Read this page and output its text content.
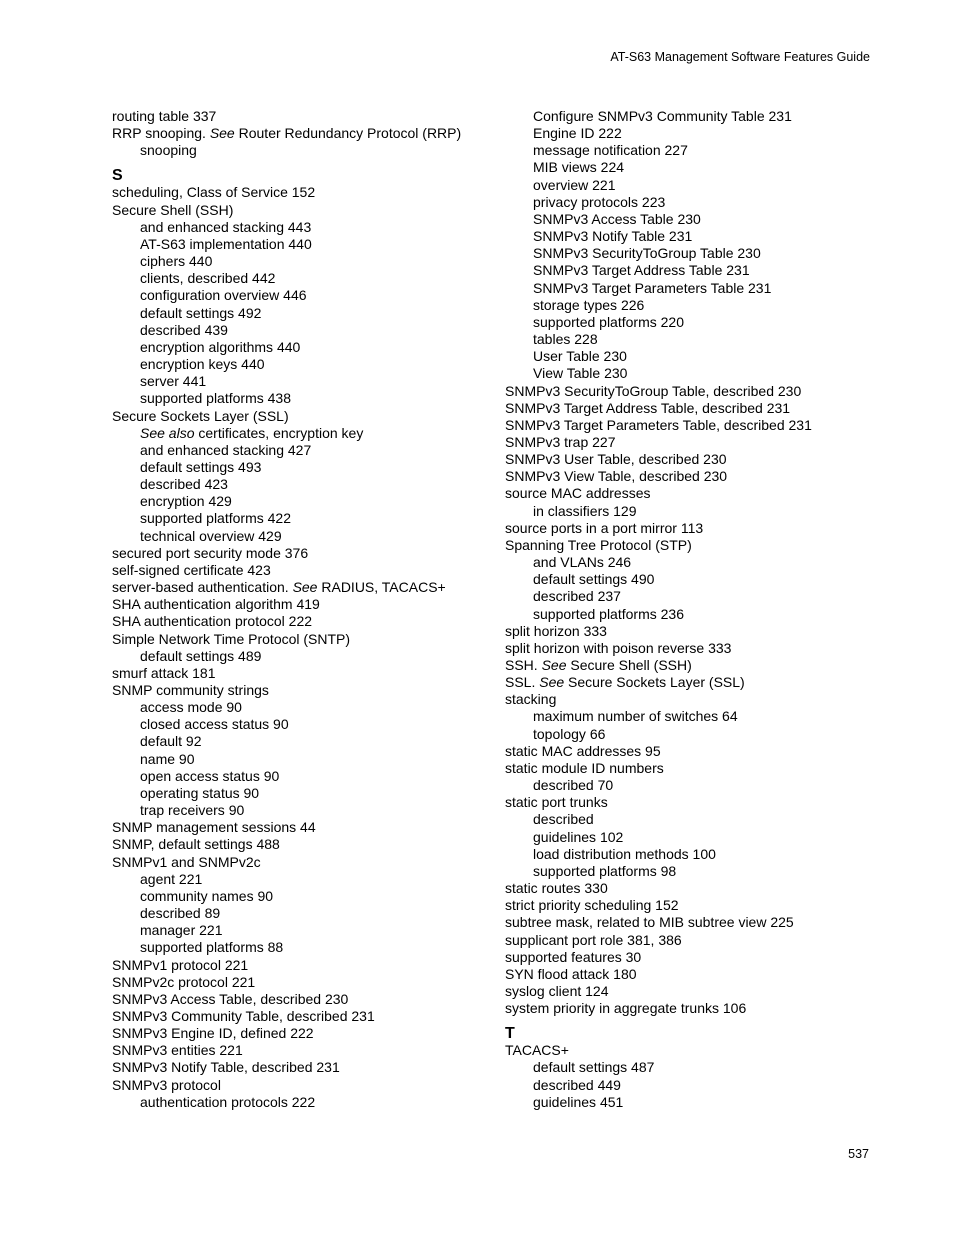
AT-S63 Management Software Features Guide
routing table 337
RRP snooping. See Router Redundancy Protocol (RRP)
snooping
S
scheduling, Class of Service 152
Secure Shell (SSH)
and enhanced stacking 443
AT-S63 implementation 440
ciphers 440
clients, described 442
configuration overview 446
default settings 492
described 439
encryption algorithms 440
encryption keys 440
server 441
supported platforms 438
Secure Sockets Layer (SSL)
See also certificates, encryption key
and enhanced stacking 427
default settings 493
described 423
encryption 429
supported platforms 422
technical overview 429
secured port security mode 376
self-signed certificate 423
server-based authentication. See RADIUS, TACACS+
SHA authentication algorithm 419
SHA authentication protocol 222
Simple Network Time Protocol (SNTP)
default settings 489
smurf attack 181
SNMP community strings
access mode 90
closed access status 90
default 92
name 90
open access status 90
operating status 90
trap receivers 90
SNMP management sessions 44
SNMP, default settings 488
SNMPv1 and SNMPv2c
agent 221
community names 90
described 89
manager 221
supported platforms 88
SNMPv1 protocol 221
SNMPv2c protocol 221
SNMPv3 Access Table, described 230
SNMPv3 Community Table, described 231
SNMPv3 Engine ID, defined 222
SNMPv3 entities 221
SNMPv3 Notify Table, described 231
SNMPv3 protocol
authentication protocols 222
Configure SNMPv3 Community Table 231
Engine ID 222
message notification 227
MIB views 224
overview 221
privacy protocols 223
SNMPv3 Access Table 230
SNMPv3 Notify Table 231
SNMPv3 SecurityToGroup Table 230
SNMPv3 Target Address Table 231
SNMPv3 Target Parameters Table 231
storage types 226
supported platforms 220
tables 228
User Table 230
View Table 230
SNMPv3 SecurityToGroup Table, described 230
SNMPv3 Target Address Table, described 231
SNMPv3 Target Parameters Table, described 231
SNMPv3 trap 227
SNMPv3 User Table, described 230
SNMPv3 View Table, described 230
source MAC addresses
in classifiers 129
source ports in a port mirror 113
Spanning Tree Protocol (STP)
and VLANs 246
default settings 490
described 237
supported platforms 236
split horizon 333
split horizon with poison reverse 333
SSH. See Secure Shell (SSH)
SSL. See Secure Sockets Layer (SSL)
stacking
maximum number of switches 64
topology 66
static MAC addresses 95
static module ID numbers
described 70
static port trunks
described
guidelines 102
load distribution methods 100
supported platforms 98
static routes 330
strict priority scheduling 152
subtree mask, related to MIB subtree view 225
supplicant port role 381, 386
supported features 30
SYN flood attack 180
syslog client 124
system priority in aggregate trunks 106
T
TACACS+
default settings 487
described 449
guidelines 451
537
